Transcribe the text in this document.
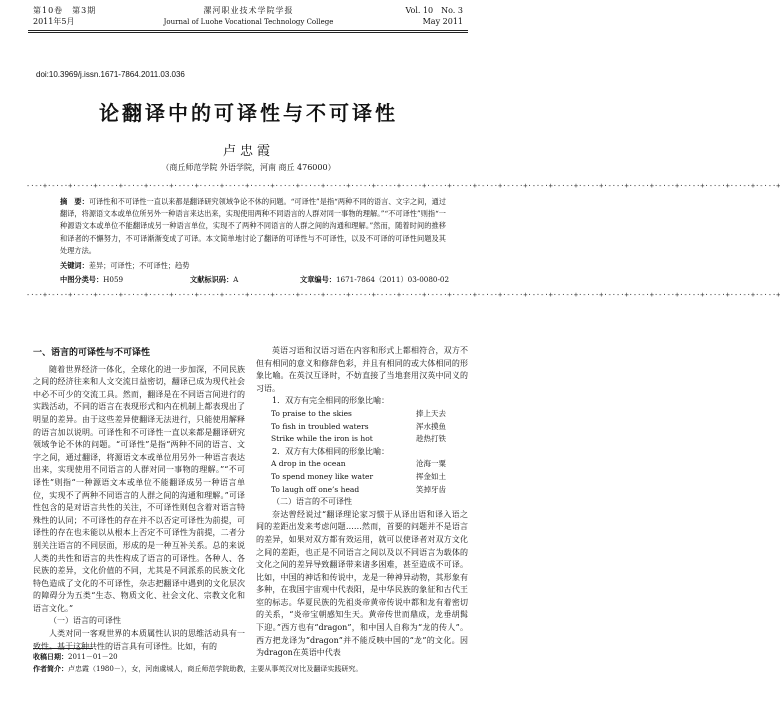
第10卷　第3期
2011年5月
漯河职业技术学院学报
Journal of Luohe Vocational Technology College
Vol. 10　No. 3
May 2011
doi:10.3969/j.issn.1671-7864.2011.03.036
论翻译中的可译性与不可译性
卢忠霞
（商丘师范学院 外语学院，河南 商丘 476000）
-·-·+·-·-·+·-·-·+·-·-·+·-·-·+·-·-·+·-·-·+·-·-·+·-·-·+·-·-·+·-·-·+·-·-·+·-·-·+·-·-·+·-·-·+·-·-·+·-·-·+·-·-·+·-·-·+·-·-·+·-·-·+·-·-·+·-·-·+·-·-·+·-·-·+·-·-·+·-·-·+·-·-·+·-·-·+·-·-·+
摘　要：可译性和不可译性一直以来都是翻译研究领域争论不休的问题。“可译性”是指“两种不同的语言、文字之间，通过翻译，将源语文本或单位所另外一种语言来达出来，实现使用两种不同语言的人群对同一事物的理解。”“不可译性”则指“一种源语文本或单位不能翻译成另一种语言单位，实现不了两种不同语言的人群之间的沟通和理解。”然而，随着时间的推移和译者的不懈努力，不可译渐渐变成了可译。本文简单地讨论了翻译的可译性与不可译性，以及不可译的可译性问题及其处理方法。
关键词：差异；可译性；不可译性；趋势
中图分类号：H059	文献标识码：A	文章编号：1671-7864（2011）03-0080-02
-·-·+·-·-·+·-·-·+·-·-·+·-·-·+·-·-·+·-·-·+·-·-·+·-·-·+·-·-·+·-·-·+·-·-·+·-·-·+·-·-·+·-·-·+·-·-·+·-·-·+·-·-·+·-·-·+·-·-·+·-·-·+·-·-·+·-·-·+·-·-·+·-·-·+·-·-·+·-·-·+·-·-·+·-·-·+·-·-·+
一、语言的可译性与不可译性

随着世界经济一体化，全球化的进一步加深，不同民族之间的经济往来和人文交流日益密切，翻译已成为现代社会中必不可少的交流工具。然而，翻译是在不同语言间进行的实践活动，不同的语言在表现形式和内在机制上都表现出了明显的差异。由于这些差异使翻译无法进行，只能使用解释的语言加以说明。可译性和不可译性一直以来都是翻译研究领域争论不休的问题。“可译性”是指“两种不同的语言、文字之间，通过翻译，将源语文本或单位用另外一种语言表达出来，实现使用不同语言的人群对同一事物的理解。”“不可译性”则指“一种源语文本或单位不能翻译成另一种语言单位，实现不了两种不同语言的人群之间的沟通和理解。”可译性包含的是对语言共性的关注，不可译性则包含着对语言特殊性的认同；不可译性的存在并不以否定可译性为前提，可译性的存在也未能以从根本上否定不可译性为前提，二者分别关注语言的不同层面，形成的是一种互补关系。总的来说人类的共性和语言的共性构成了语言的可译性。各种人、各民族的差异，文化价值的不同，尤其是不同派系的民族文化特色造成了文化的不可译性，杂志把翻译中遇到的文化层次的障碍分为五类“生态、物质文化、社会文化、宗教文化和语言文化。”

（一）语言的可译性

人类对同一客观世界的本质属性认识的思维活动具有一致性。基于这种共性的语言具有可译性。比如，有的

英语习语和汉语习语在内容和形式上都相符合，双方不但有相同的意义和修辞色彩，并且有相同的或大体相同的形象比喻。在英汉互译时，不妨直接了当地套用汉英中同义的习语。

1．双方有完全相同的形象比喻：

To praise to the skies	捧上天去
To fish in troubled waters	浑水摸鱼
Strike while the iron is hot	趁热打铁

2．双方有大体相同的形象比喻：

A drop in the ocean	沧海一粟
To spend money like water	挥金如土
To laugh off one’s head	笑掉牙齿
（二）语言的不可译性

奈达曾经说过“翻译理论家习惯于从译出语和译入语之间的差距出发来考虑问题……然而，首要的问题并不是语言的差异，如果对双方都有效运用，就可以使译者对双方文化之间的差距，也正是不同语言之间以及以不同语言为载体的文化之间的差异导致翻译带来诸多困难，甚至造成不可译。比如，中国的神话和传说中，龙是一种神异动物，其形象有多种，在我国宇宙观中代表阳，是中华民族的象征和古代王室的标志。华夏民族的先祖炎帝黄帝传说中都和龙有着密切的关系，“炎帝宝朝感知生天。黄帝传世而鼎成，龙垂胡髯下迎。”西方也有“dragon”，和中国人自称为“龙的传人”。西方把龙译为“dragon”并不能反映中国的“龙”的文化。因为dragon在英语中代表

收稿日期：2011－01－20
作者简介：卢忠霞（1980－），女，河南虞城人，商丘师范学院助教，主要从事英汉对比及翻译实践研究。
